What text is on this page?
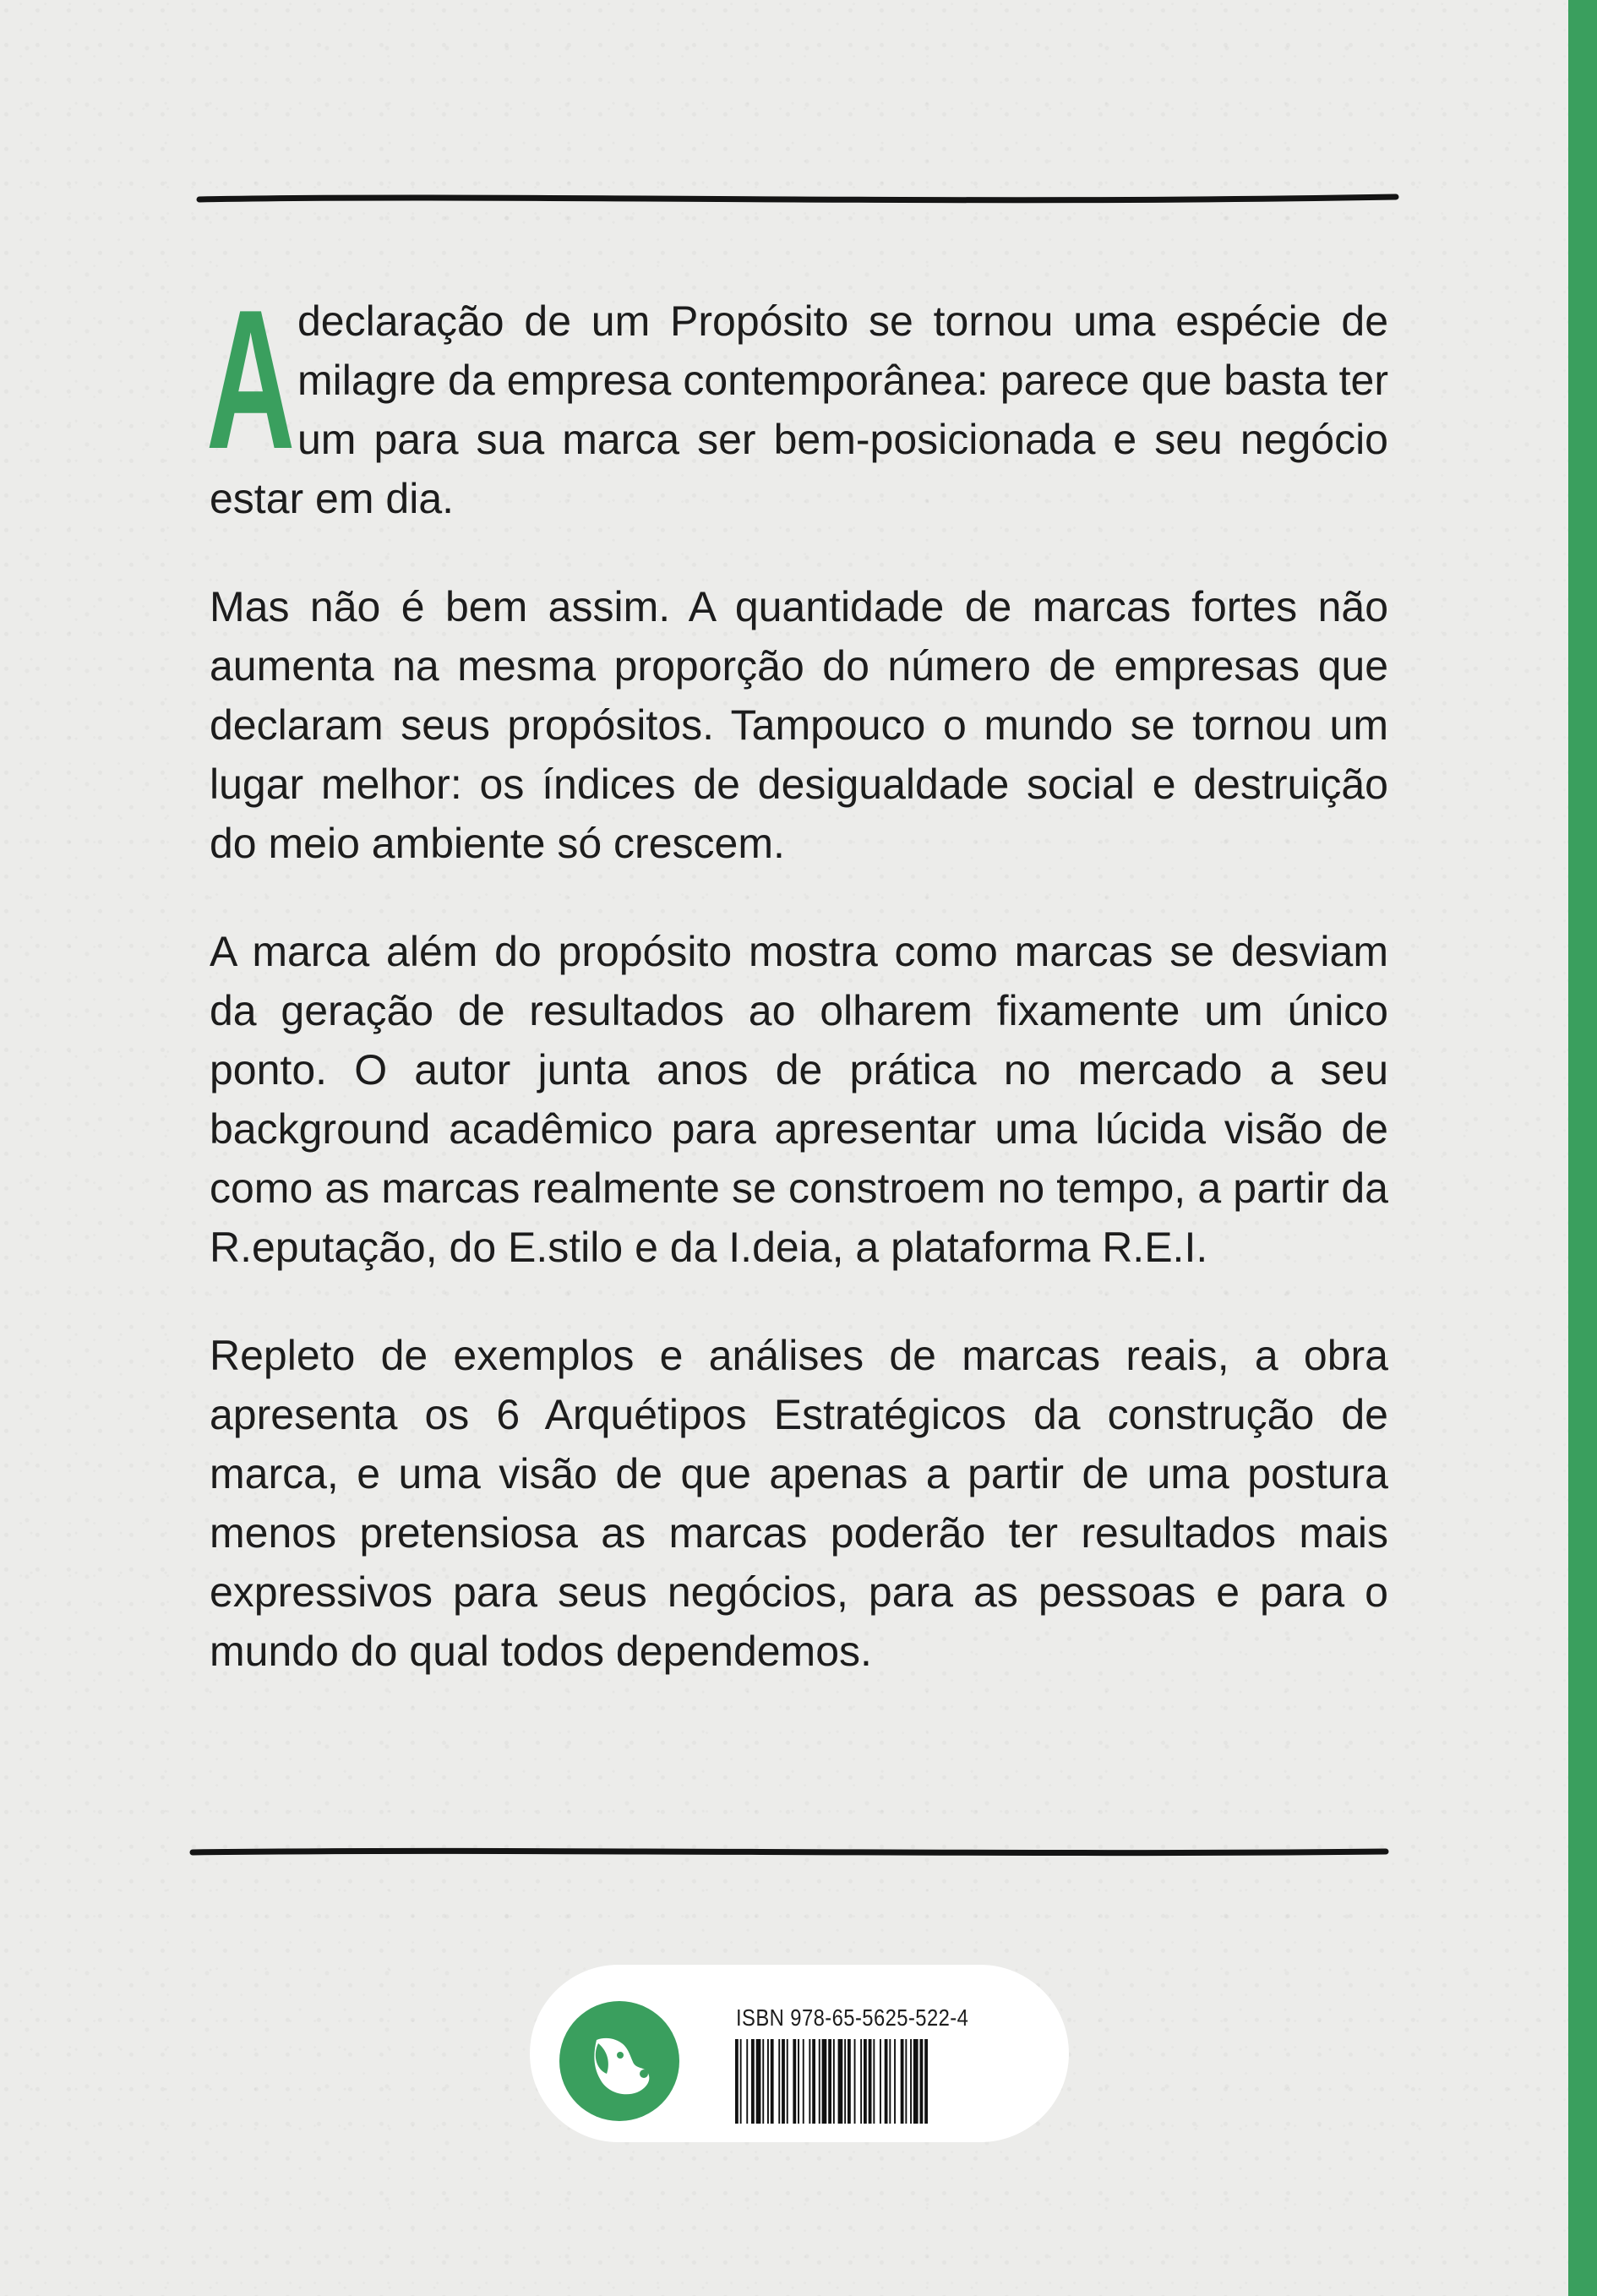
Adeclaração de um Propósito se tornou uma espécie de milagre da empresa contemporânea: parece que basta ter um para sua marca ser bem-posicionada e seu negócio estar em dia.

Mas não é bem assim. A quantidade de marcas fortes não aumenta na mesma proporção do número de empresas que declaram seus propósitos. Tampouco o mundo se tornou um lugar melhor: os índices de desigualdade social e destruição do meio ambiente só crescem.

A marca além do propósito mostra como marcas se desviam da geração de resultados ao olharem fixamente um único ponto. O autor junta anos de prática no mercado a seu background acadêmico para apresentar uma lúcida visão de como as marcas realmente se constroem no tempo, a partir da R.eputação, do E.stilo e da I.deia, a plataforma R.E.I.

Repleto de exemplos e análises de marcas reais, a obra apresenta os 6 Arquétipos Estratégicos da construção de marca, e uma visão de que apenas a partir de uma postura menos pretensiosa as marcas poderão ter resultados mais expressivos para seus negócios, para as pessoas e para o mundo do qual todos dependemos.

ISBN 978-65-5625-522-4
